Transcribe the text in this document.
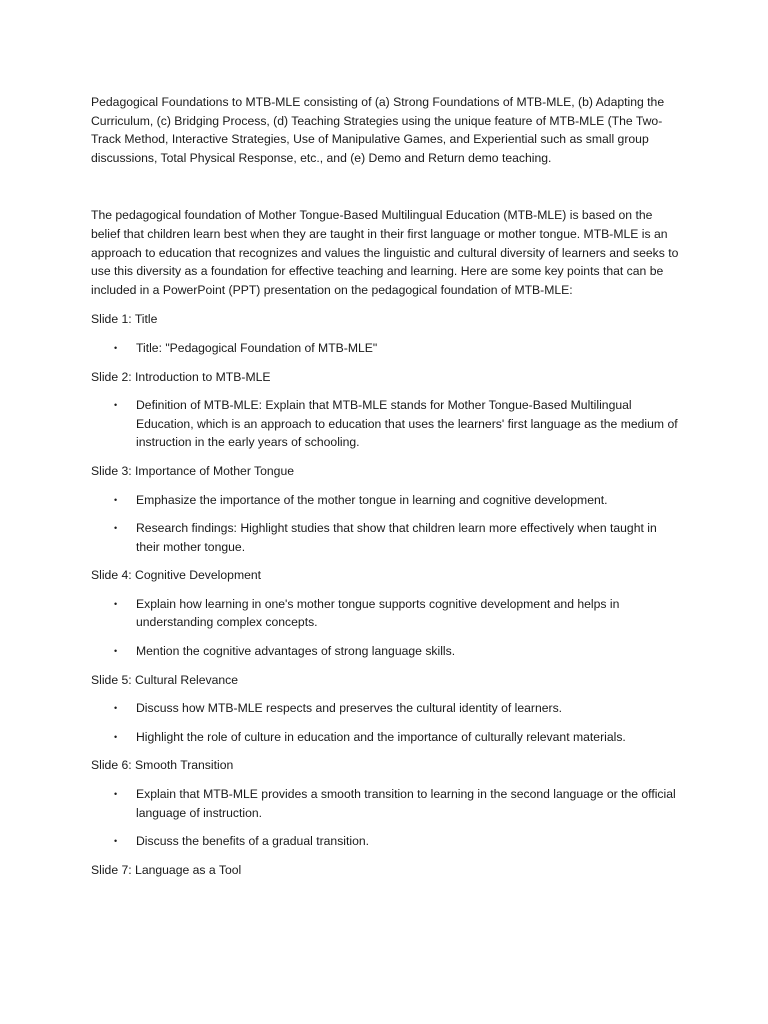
Pedagogical Foundations to MTB-MLE consisting of (a) Strong Foundations of MTB-MLE, (b) Adapting the Curriculum, (c) Bridging Process, (d) Teaching Strategies using the unique feature of MTB-MLE (The Two-Track Method, Interactive Strategies, Use of Manipulative Games, and Experiential such as small group discussions, Total Physical Response, etc., and (e) Demo and Return demo teaching.

The pedagogical foundation of Mother Tongue-Based Multilingual Education (MTB-MLE) is based on the belief that children learn best when they are taught in their first language or mother tongue. MTB-MLE is an approach to education that recognizes and values the linguistic and cultural diversity of learners and seeks to use this diversity as a foundation for effective teaching and learning. Here are some key points that can be included in a PowerPoint (PPT) presentation on the pedagogical foundation of MTB-MLE:

Slide 1: Title

•	Title: "Pedagogical Foundation of MTB-MLE"

Slide 2: Introduction to MTB-MLE

•	Definition of MTB-MLE: Explain that MTB-MLE stands for Mother Tongue-Based Multilingual Education, which is an approach to education that uses the learners' first language as the medium of instruction in the early years of schooling.

Slide 3: Importance of Mother Tongue

•	Emphasize the importance of the mother tongue in learning and cognitive development.
•	Research findings: Highlight studies that show that children learn more effectively when taught in their mother tongue.

Slide 4: Cognitive Development

•	Explain how learning in one's mother tongue supports cognitive development and helps in understanding complex concepts.
•	Mention the cognitive advantages of strong language skills.

Slide 5: Cultural Relevance

•	Discuss how MTB-MLE respects and preserves the cultural identity of learners.
•	Highlight the role of culture in education and the importance of culturally relevant materials.

Slide 6: Smooth Transition

•	Explain that MTB-MLE provides a smooth transition to learning in the second language or the official language of instruction.
•	Discuss the benefits of a gradual transition.

Slide 7: Language as a Tool
